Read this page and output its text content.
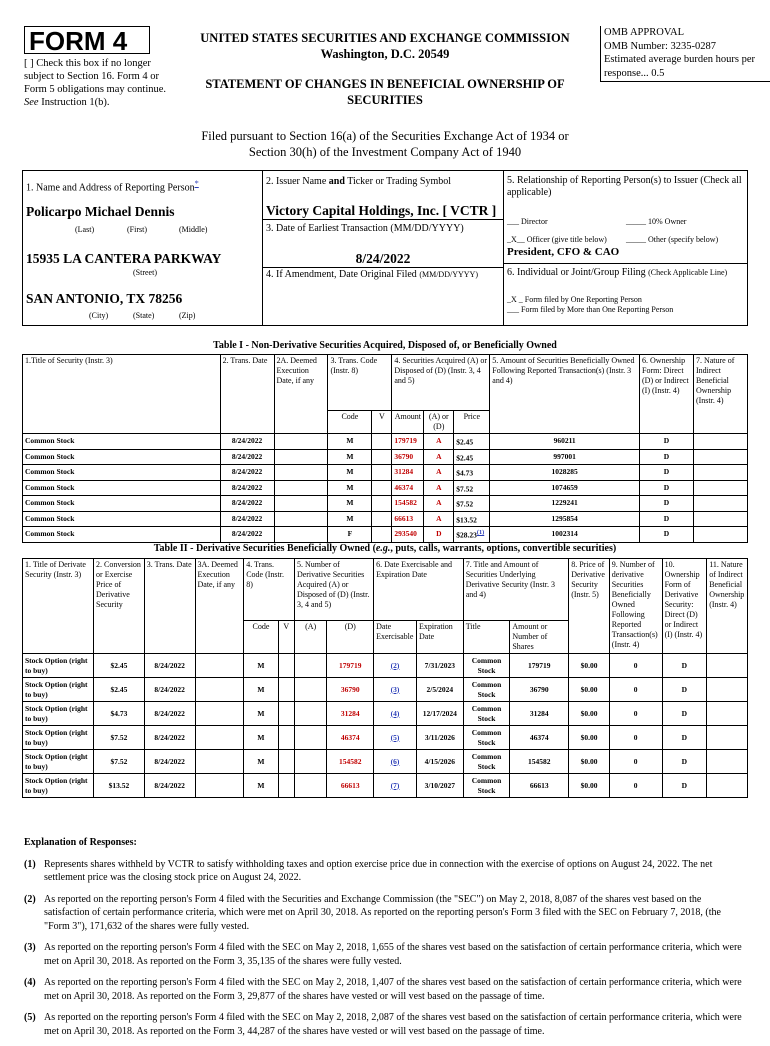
FORM 4
[ ] Check this box if no longer subject to Section 16. Form 4 or Form 5 obligations may continue. See Instruction 1(b).
UNITED STATES SECURITIES AND EXCHANGE COMMISSION
Washington, D.C. 20549
STATEMENT OF CHANGES IN BENEFICIAL OWNERSHIP OF SECURITIES
OMB APPROVAL
OMB Number: 3235-0287
Estimated average burden hours per response... 0.5
Filed pursuant to Section 16(a) of the Securities Exchange Act of 1934 or
Section 30(h) of the Investment Company Act of 1940
1. Name and Address of Reporting Person*
Policarpo Michael Dennis
(Last)	(First)	(Middle)
15935 LA CANTERA PARKWAY
(Street)
SAN ANTONIO, TX 78256
(City)	(State)	(Zip)
2. Issuer Name and Ticker or Trading Symbol
Victory Capital Holdings, Inc. [ VCTR ]
3. Date of Earliest Transaction (MM/DD/YYYY)
8/24/2022
4. If Amendment, Date Original Filed (MM/DD/YYYY)
5. Relationship of Reporting Person(s) to Issuer (Check all applicable)
___ Director	_____ 10% Owner
_X__ Officer (give title below) _____ Other (specify below)
President, CFO & CAO
6. Individual or Joint/Group Filing (Check Applicable Line)
_X _ Form filed by One Reporting Person
___ Form filed by More than One Reporting Person
Table I - Non-Derivative Securities Acquired, Disposed of, or Beneficially Owned
1.Title of Security (Instr. 3)	2. Trans. Date	2A. Deemed Execution Date, if any	3. Trans. Code (Instr. 8)		4. Securities Acquired (A) or Disposed of (D) (Instr. 3, 4 and 5)			5. Amount of Securities Beneficially Owned Following Reported Transaction(s) (Instr. 3 and 4)	6. Ownership Form: Direct (D) or Indirect (I) (Instr. 4)	7. Nature of Indirect Beneficial Ownership (Instr. 4)
			Code	V	Amount	(A) or (D)	Price			
Common Stock	8/24/2022		M		179719	A	$2.45	960211	D	
Common Stock	8/24/2022		M		36790	A	$2.45	997001	D	
Common Stock	8/24/2022		M		31284	A	$4.73	1028285	D	
Common Stock	8/24/2022		M		46374	A	$7.52	1074659	D	
Common Stock	8/24/2022		M		154582	A	$7.52	1229241	D	
Common Stock	8/24/2022		M		66613	A	$13.52	1295854	D	
Common Stock	8/24/2022		F		293540	D	$28.23$^{(1)}$	1002314	D	
Table II - Derivative Securities Beneficially Owned (e.g., puts, calls, warrants, options, convertible securities)
1. Title of Derivate Security (Instr. 3)	2. Conversion or Exercise Price of Derivative Security	3. Trans. Date	3A. Deemed Execution Date, if any	4. Trans. Code (Instr. 8)		5. Number of Derivative Securities Acquired (A) or Disposed of (D) (Instr. 3, 4 and 5)		6. Date Exercisable and Expiration Date		7. Title and Amount of Securities Underlying Derivative Security (Instr. 3 and 4)		8. Price of Derivative Security (Instr. 5)	9. Number of derivative Securities Beneficially Owned Following Reported Transaction(s) (Instr. 4)	10. Ownership Form of Derivative Security: Direct (D) or Indirect (I) (Instr. 4)	11. Nature of Indirect Beneficial Ownership (Instr. 4)
				Code	V	(A)	(D)	Date Exercisable	Expiration Date	Title	Amount or Number of Shares				
Stock Option (right to buy)	$2.45	8/24/2022		M			179719	(2)	7/31/2023	Common Stock	179719	$0.00	0	D	
Stock Option (right to buy)	$2.45	8/24/2022		M			36790	(3)	2/5/2024	Common Stock	36790	$0.00	0	D	
Stock Option (right to buy)	$4.73	8/24/2022		M			31284	(4)	12/17/2024	Common Stock	31284	$0.00	0	D	
Stock Option (right to buy)	$7.52	8/24/2022		M			46374	(5)	3/11/2026	Common Stock	46374	$0.00	0	D	
Stock Option (right to buy)	$7.52	8/24/2022		M			154582	(6)	4/15/2026	Common Stock	154582	$0.00	0	D	
Stock Option (right to buy)	$13.52	8/24/2022		M			66613	(7)	3/10/2027	Common Stock	66613	$0.00	0	D	
Explanation of Responses:
(1) Represents shares withheld by VCTR to satisfy withholding taxes and option exercise price due in connection with the exercise of options on August 24, 2022. The net settlement price was the closing stock price on August 24, 2022.
(2) As reported on the reporting person's Form 4 filed with the Securities and Exchange Commission (the "SEC") on May 2, 2018, 8,087 of the shares vest based on the satisfaction of certain performance criteria, which were met on April 30, 2018. As reported on the reporting person's Form 3 filed with the SEC on February 7, 2018, (the "Form 3"), 171,632 of the shares were fully vested.
(3) As reported on the reporting person's Form 4 filed with the SEC on May 2, 2018, 1,655 of the shares vest based on the satisfaction of certain performance criteria, which were met on April 30, 2018. As reported on the Form 3, 35,135 of the shares were fully vested.
(4) As reported on the reporting person's Form 4 filed with the SEC on May 2, 2018, 1,407 of the shares vest based on the satisfaction of certain performance criteria, which were met on April 30, 2018. As reported on the Form 3, 29,877 of the shares have vested or will vest based on the passage of time.
(5) As reported on the reporting person's Form 4 filed with the SEC on May 2, 2018, 2,087 of the shares vest based on the satisfaction of certain performance criteria, which were met on April 30, 2018. As reported on the Form 3, 44,287 of the shares have vested or will vest based on the passage of time.
